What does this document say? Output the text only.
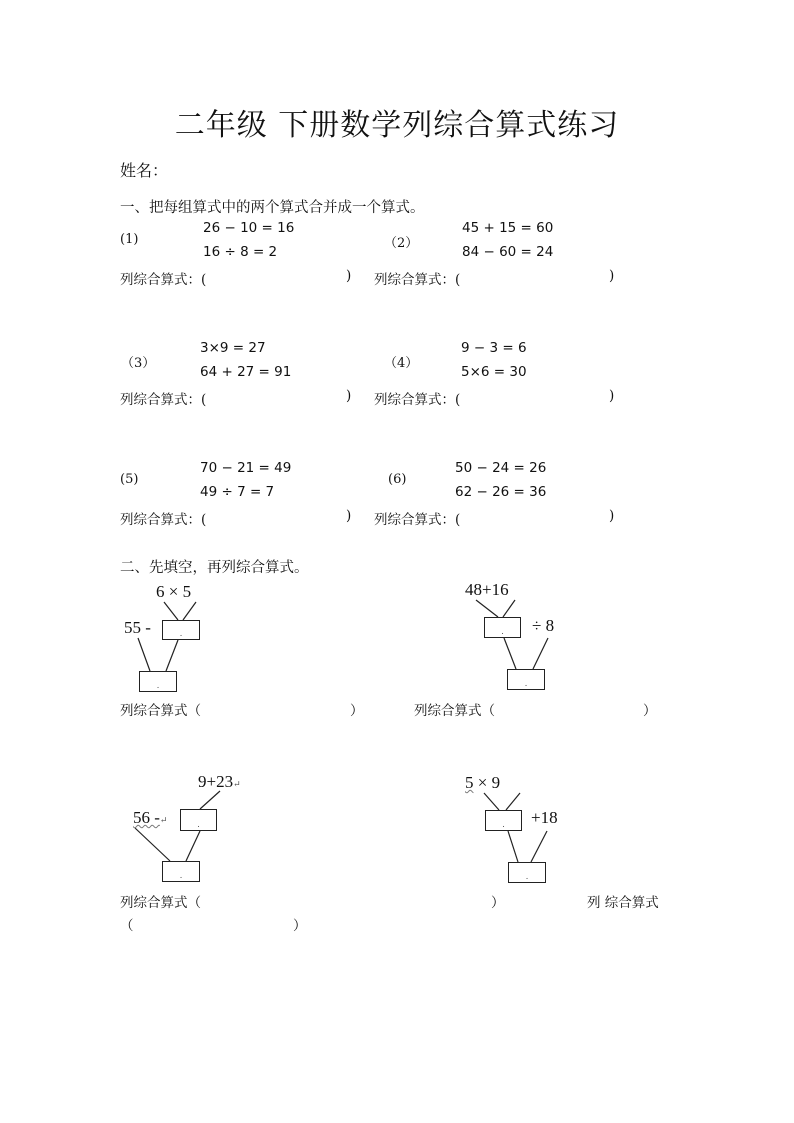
二年级 下册数学列综合算式练习
姓名：
一、把每组算式中的两个算式合并成一个算式。
(1)
26 − 10 = 16
16 ÷ 8 = 2
（2）
45 + 15 = 60
84 − 60 = 24
列综合算式：(	) 列综合算式：(	)
（3）
3×9 = 27
64 + 27 = 91
（4）
9 − 3 = 6
5×6 = 30
列综合算式：(	) 列综合算式：(	)
(5)
70 − 21 = 49
49 ÷ 7 = 7
(6)
50 − 24 = 26
62 − 26 = 36
列综合算式：(	) 列综合算式：(	)
二、先填空，再列综合算式。
6 × 5
55 -
.
.
48+16
÷ 8
.
.
列综合算式（	）	列综合算式（	）
9+23↵
56 -↵
.
.
5 × 9
+18
.
.
列综合算式（	）	列 综合算式
（	）
